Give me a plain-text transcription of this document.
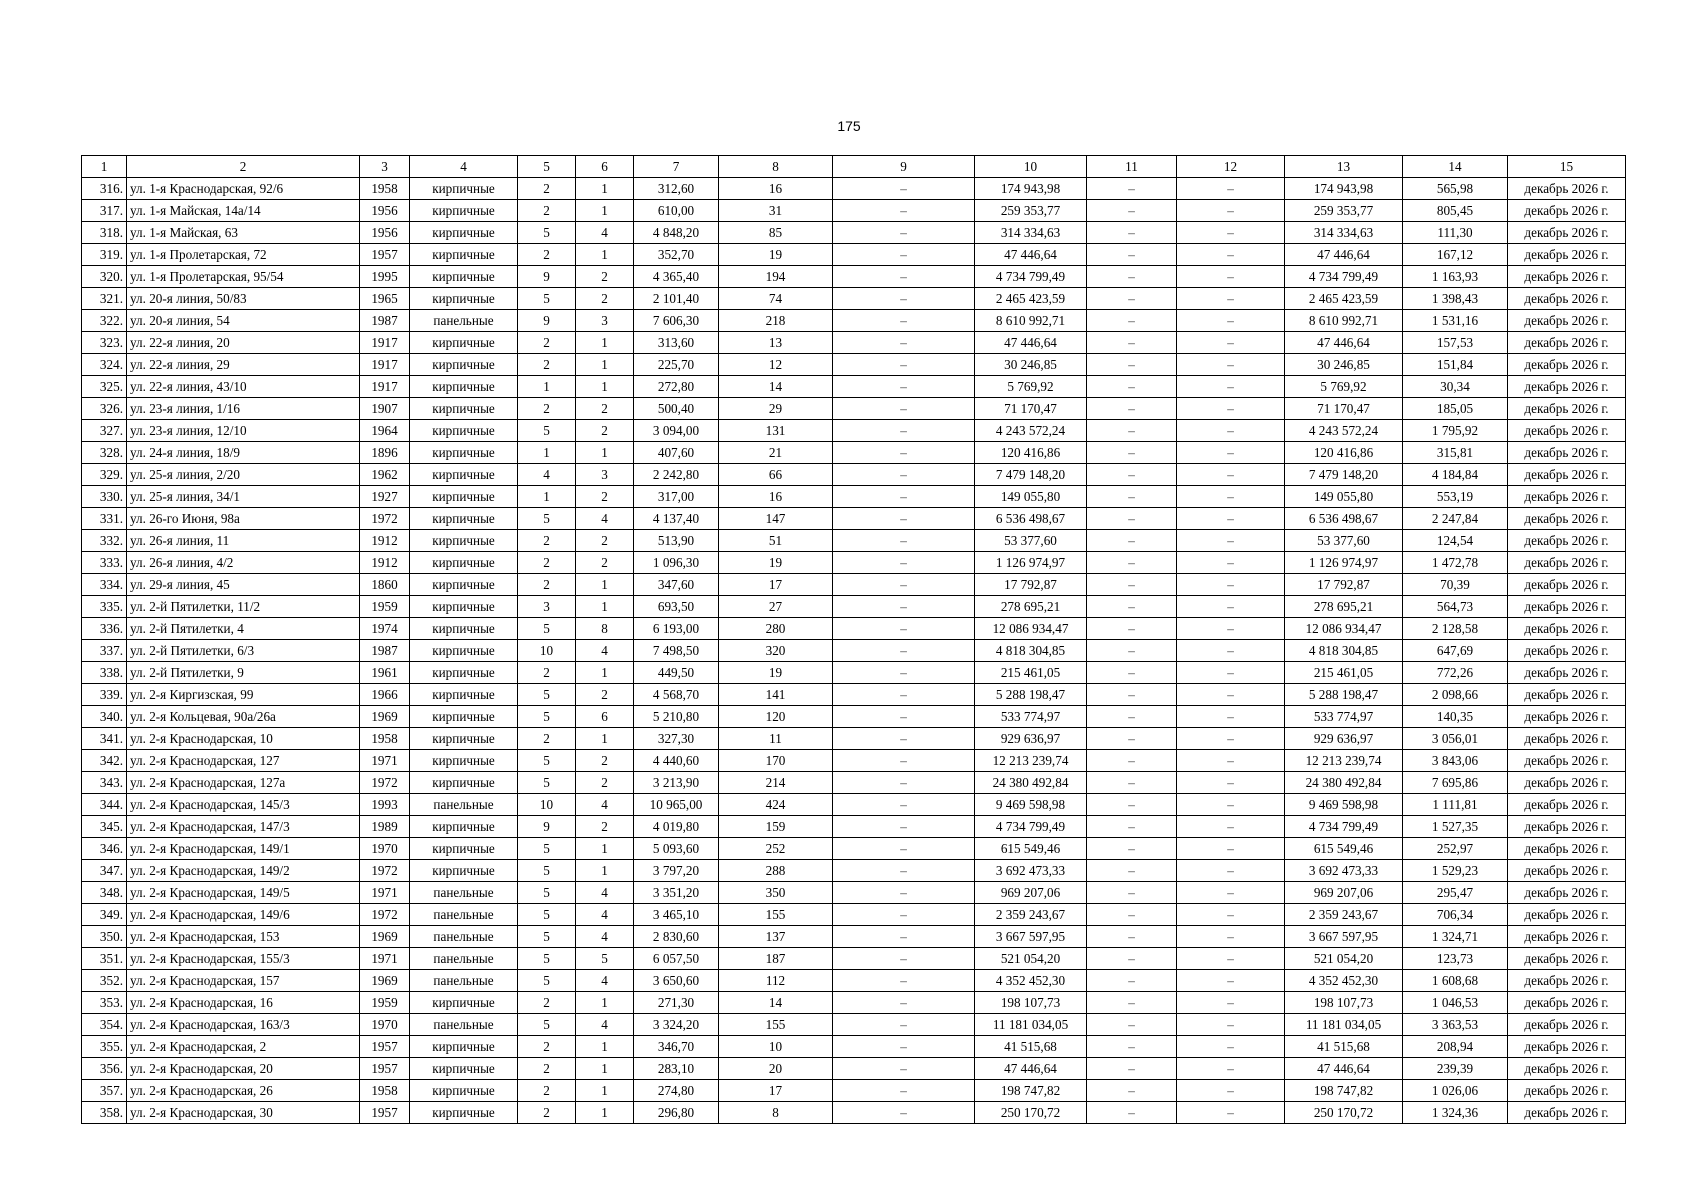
175
1	2	3	4	5	6	7	8	9	10	11	12	13	14	15
316.	ул. 1-я Краснодарская, 92/6	1958	кирпичные	2	1	312,60	16	–	174 943,98	–	–	174 943,98	565,98	декабрь 2026 г.
317.	ул. 1-я Майская, 14а/14	1956	кирпичные	2	1	610,00	31	–	259 353,77	–	–	259 353,77	805,45	декабрь 2026 г.
318.	ул. 1-я Майская, 63	1956	кирпичные	5	4	4 848,20	85	–	314 334,63	–	–	314 334,63	111,30	декабрь 2026 г.
319.	ул. 1-я Пролетарская, 72	1957	кирпичные	2	1	352,70	19	–	47 446,64	–	–	47 446,64	167,12	декабрь 2026 г.
320.	ул. 1-я Пролетарская, 95/54	1995	кирпичные	9	2	4 365,40	194	–	4 734 799,49	–	–	4 734 799,49	1 163,93	декабрь 2026 г.
321.	ул. 20-я линия, 50/83	1965	кирпичные	5	2	2 101,40	74	–	2 465 423,59	–	–	2 465 423,59	1 398,43	декабрь 2026 г.
322.	ул. 20-я линия, 54	1987	панельные	9	3	7 606,30	218	–	8 610 992,71	–	–	8 610 992,71	1 531,16	декабрь 2026 г.
323.	ул. 22-я линия, 20	1917	кирпичные	2	1	313,60	13	–	47 446,64	–	–	47 446,64	157,53	декабрь 2026 г.
324.	ул. 22-я линия, 29	1917	кирпичные	2	1	225,70	12	–	30 246,85	–	–	30 246,85	151,84	декабрь 2026 г.
325.	ул. 22-я линия, 43/10	1917	кирпичные	1	1	272,80	14	–	5 769,92	–	–	5 769,92	30,34	декабрь 2026 г.
326.	ул. 23-я линия, 1/16	1907	кирпичные	2	2	500,40	29	–	71 170,47	–	–	71 170,47	185,05	декабрь 2026 г.
327.	ул. 23-я линия, 12/10	1964	кирпичные	5	2	3 094,00	131	–	4 243 572,24	–	–	4 243 572,24	1 795,92	декабрь 2026 г.
328.	ул. 24-я линия, 18/9	1896	кирпичные	1	1	407,60	21	–	120 416,86	–	–	120 416,86	315,81	декабрь 2026 г.
329.	ул. 25-я линия, 2/20	1962	кирпичные	4	3	2 242,80	66	–	7 479 148,20	–	–	7 479 148,20	4 184,84	декабрь 2026 г.
330.	ул. 25-я линия, 34/1	1927	кирпичные	1	2	317,00	16	–	149 055,80	–	–	149 055,80	553,19	декабрь 2026 г.
331.	ул. 26-го Июня, 98а	1972	кирпичные	5	4	4 137,40	147	–	6 536 498,67	–	–	6 536 498,67	2 247,84	декабрь 2026 г.
332.	ул. 26-я линия, 11	1912	кирпичные	2	2	513,90	51	–	53 377,60	–	–	53 377,60	124,54	декабрь 2026 г.
333.	ул. 26-я линия, 4/2	1912	кирпичные	2	2	1 096,30	19	–	1 126 974,97	–	–	1 126 974,97	1 472,78	декабрь 2026 г.
334.	ул. 29-я линия, 45	1860	кирпичные	2	1	347,60	17	–	17 792,87	–	–	17 792,87	70,39	декабрь 2026 г.
335.	ул. 2-й Пятилетки, 11/2	1959	кирпичные	3	1	693,50	27	–	278 695,21	–	–	278 695,21	564,73	декабрь 2026 г.
336.	ул. 2-й Пятилетки, 4	1974	кирпичные	5	8	6 193,00	280	–	12 086 934,47	–	–	12 086 934,47	2 128,58	декабрь 2026 г.
337.	ул. 2-й Пятилетки, 6/3	1987	кирпичные	10	4	7 498,50	320	–	4 818 304,85	–	–	4 818 304,85	647,69	декабрь 2026 г.
338.	ул. 2-й Пятилетки, 9	1961	кирпичные	2	1	449,50	19	–	215 461,05	–	–	215 461,05	772,26	декабрь 2026 г.
339.	ул. 2-я Киргизская, 99	1966	кирпичные	5	2	4 568,70	141	–	5 288 198,47	–	–	5 288 198,47	2 098,66	декабрь 2026 г.
340.	ул. 2-я Кольцевая, 90а/26а	1969	кирпичные	5	6	5 210,80	120	–	533 774,97	–	–	533 774,97	140,35	декабрь 2026 г.
341.	ул. 2-я Краснодарская, 10	1958	кирпичные	2	1	327,30	11	–	929 636,97	–	–	929 636,97	3 056,01	декабрь 2026 г.
342.	ул. 2-я Краснодарская, 127	1971	кирпичные	5	2	4 440,60	170	–	12 213 239,74	–	–	12 213 239,74	3 843,06	декабрь 2026 г.
343.	ул. 2-я Краснодарская, 127а	1972	кирпичные	5	2	3 213,90	214	–	24 380 492,84	–	–	24 380 492,84	7 695,86	декабрь 2026 г.
344.	ул. 2-я Краснодарская, 145/3	1993	панельные	10	4	10 965,00	424	–	9 469 598,98	–	–	9 469 598,98	1 111,81	декабрь 2026 г.
345.	ул. 2-я Краснодарская, 147/3	1989	кирпичные	9	2	4 019,80	159	–	4 734 799,49	–	–	4 734 799,49	1 527,35	декабрь 2026 г.
346.	ул. 2-я Краснодарская, 149/1	1970	кирпичные	5	1	5 093,60	252	–	615 549,46	–	–	615 549,46	252,97	декабрь 2026 г.
347.	ул. 2-я Краснодарская, 149/2	1972	кирпичные	5	1	3 797,20	288	–	3 692 473,33	–	–	3 692 473,33	1 529,23	декабрь 2026 г.
348.	ул. 2-я Краснодарская, 149/5	1971	панельные	5	4	3 351,20	350	–	969 207,06	–	–	969 207,06	295,47	декабрь 2026 г.
349.	ул. 2-я Краснодарская, 149/6	1972	панельные	5	4	3 465,10	155	–	2 359 243,67	–	–	2 359 243,67	706,34	декабрь 2026 г.
350.	ул. 2-я Краснодарская, 153	1969	панельные	5	4	2 830,60	137	–	3 667 597,95	–	–	3 667 597,95	1 324,71	декабрь 2026 г.
351.	ул. 2-я Краснодарская, 155/3	1971	панельные	5	5	6 057,50	187	–	521 054,20	–	–	521 054,20	123,73	декабрь 2026 г.
352.	ул. 2-я Краснодарская, 157	1969	панельные	5	4	3 650,60	112	–	4 352 452,30	–	–	4 352 452,30	1 608,68	декабрь 2026 г.
353.	ул. 2-я Краснодарская, 16	1959	кирпичные	2	1	271,30	14	–	198 107,73	–	–	198 107,73	1 046,53	декабрь 2026 г.
354.	ул. 2-я Краснодарская, 163/3	1970	панельные	5	4	3 324,20	155	–	11 181 034,05	–	–	11 181 034,05	3 363,53	декабрь 2026 г.
355.	ул. 2-я Краснодарская, 2	1957	кирпичные	2	1	346,70	10	–	41 515,68	–	–	41 515,68	208,94	декабрь 2026 г.
356.	ул. 2-я Краснодарская, 20	1957	кирпичные	2	1	283,10	20	–	47 446,64	–	–	47 446,64	239,39	декабрь 2026 г.
357.	ул. 2-я Краснодарская, 26	1958	кирпичные	2	1	274,80	17	–	198 747,82	–	–	198 747,82	1 026,06	декабрь 2026 г.
358.	ул. 2-я Краснодарская, 30	1957	кирпичные	2	1	296,80	8	–	250 170,72	–	–	250 170,72	1 324,36	декабрь 2026 г.
